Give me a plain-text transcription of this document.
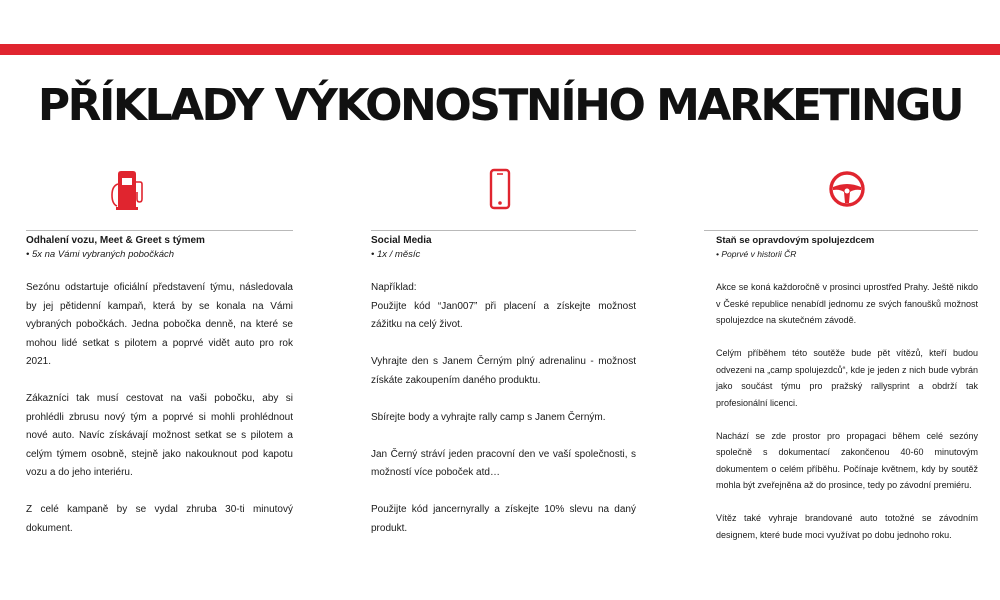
PŘÍKLADY VÝKONOSTNÍHO MARKETINGU
Odhalení vozu, Meet & Greet s týmem
• 5x na Vámi vybraných pobočkách

Sezónu odstartuje oficiální představení týmu, následovala by jej pětidenní kampaň, která by se konala na Vámi vybraných pobočkách. Jedna pobočka denně, na které se mohou lidé setkat s pilotem a poprvé vidět auto pro rok 2021.

Zákazníci tak musí cestovat na vaši pobočku, aby si prohlédli zbrusu nový tým a poprvé si mohli prohlédnout nové auto. Navíc získávají možnost setkat se s pilotem a celým týmem osobně, stejně jako nakouknout pod kapotu vozu a do jeho interiéru.

Z celé kampaně by se vydal zhruba 30-ti minutový dokument.

Social Media
• 1x / měsíc

Například:

Použijte kód “Jan007” při placení a získejte možnost zážitku na celý život.

Vyhrajte den s Janem Černým plný adrenalinu - možnost získáte zakoupením daného produktu.

Sbírejte body a vyhrajte rally camp s Janem Černým.

Jan Černý stráví jeden pracovní den ve vaší společnosti, s možností více poboček atd…

Použijte kód jancernyrally a získejte 10% slevu na daný produkt.

Staň se opravdovým spolujezdcem
• Poprvé v historii ČR

Akce se koná každoročně v prosinci uprostřed Prahy. Ještě nikdo v České republice nenabídl jednomu ze svých fanoušků možnost spolujezdce na skutečném závodě.

Celým příběhem této soutěže bude pět vítězů, kteří budou odvezeni na „camp spolujezdců“, kde je jeden z nich bude vybrán jako součást týmu pro pražský rallysprint a obdrží tak profesionální licenci.

Nachází se zde prostor pro propagaci během celé sezóny společně s dokumentací zakončenou 40-60 minutovým dokumentem o celém příběhu. Počínaje květnem, kdy by soutěž mohla být zveřejněna až do prosince, tedy po závodní premiéru.

Vítěz také vyhraje brandované auto totožné se závodním designem, které bude moci využívat po dobu jednoho roku.
